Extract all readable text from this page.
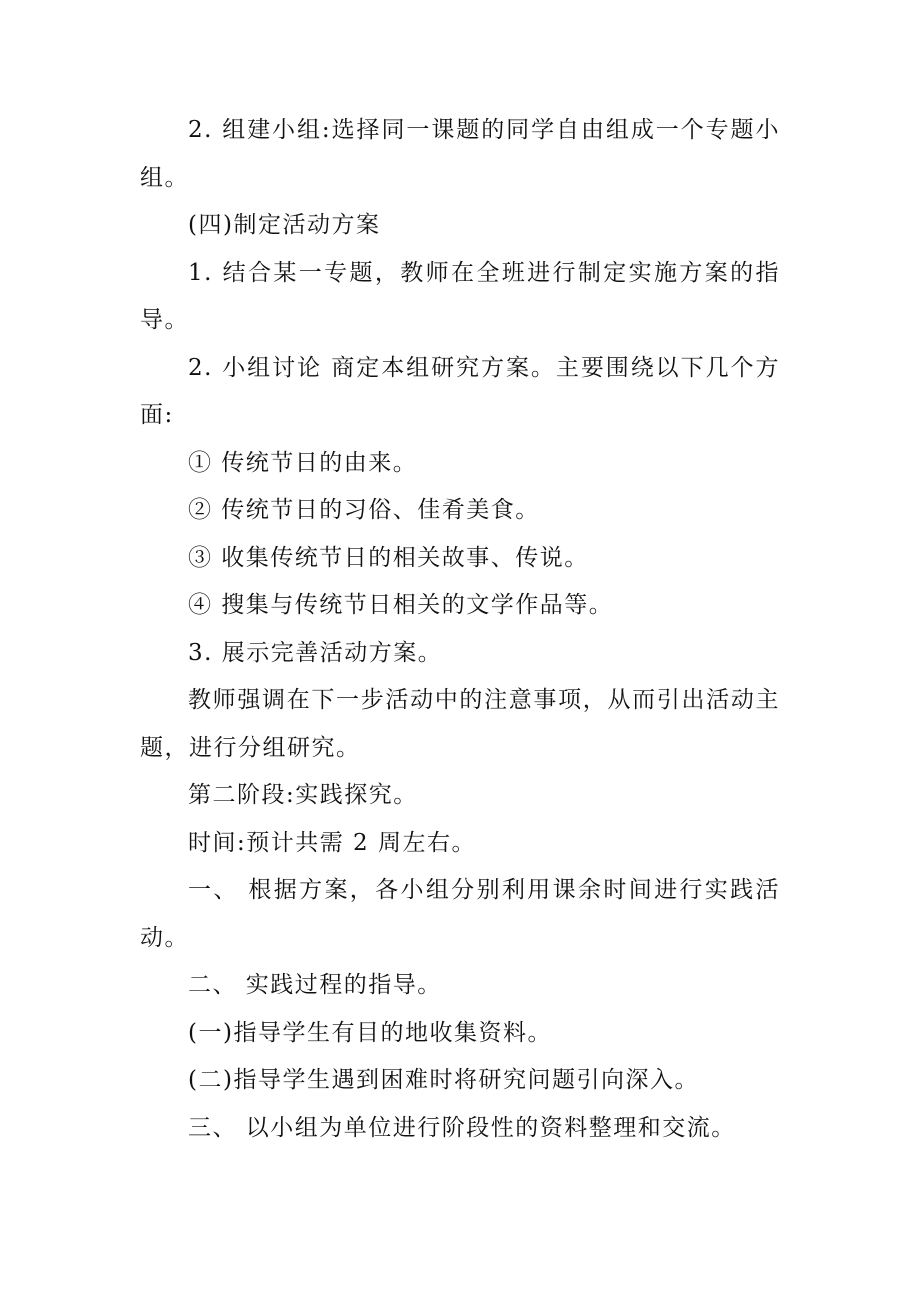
2. 组建小组:选择同一课题的同学自由组成一个专题小组。

(四)制定活动方案

1. 结合某一专题，教师在全班进行制定实施方案的指导。

2. 小组讨论 商定本组研究方案。主要围绕以下几个方面:

① 传统节日的由来。

② 传统节日的习俗、佳肴美食。

③ 收集传统节日的相关故事、传说。

④ 搜集与传统节日相关的文学作品等。

3. 展示完善活动方案。

教师强调在下一步活动中的注意事项，从而引出活动主题，进行分组研究。

第二阶段:实践探究。

时间:预计共需 2 周左右。

一、 根据方案，各小组分别利用课余时间进行实践活动。

二、 实践过程的指导。

(一)指导学生有目的地收集资料。

(二)指导学生遇到困难时将研究问题引向深入。

三、 以小组为单位进行阶段性的资料整理和交流。
